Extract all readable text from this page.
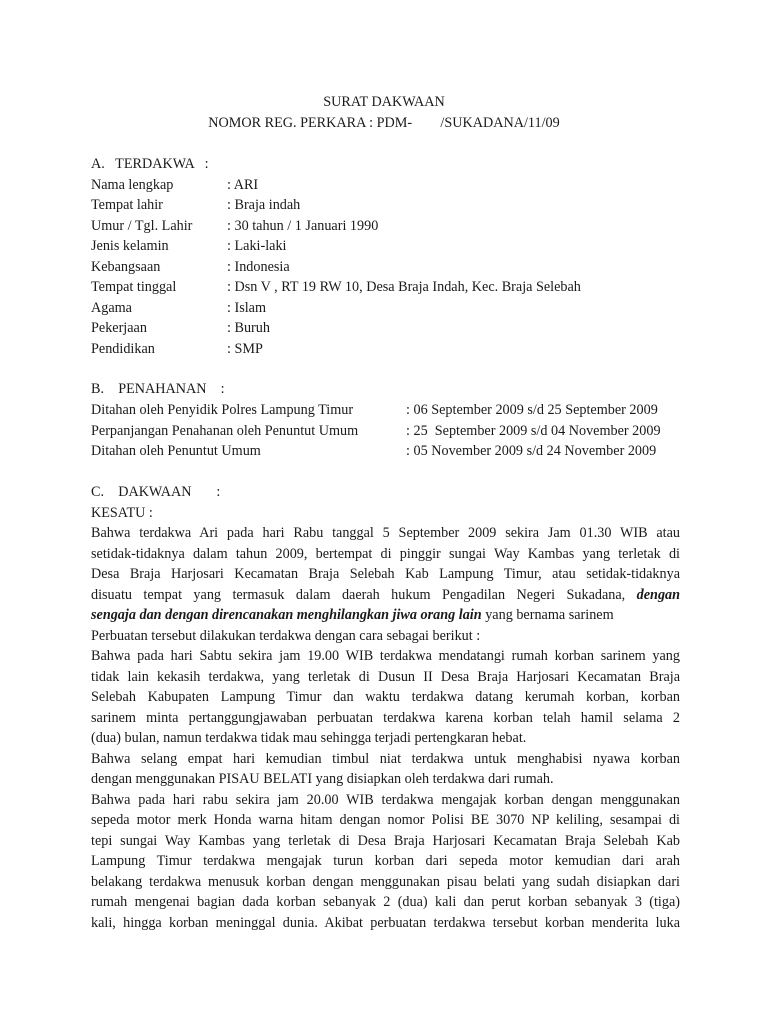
SURAT DAKWAAN
NOMOR REG. PERKARA : PDM-        /SUKADANA/11/09
A.   TERDAKWA   :
Nama lengkap	: ARI
Tempat lahir	: Braja indah
Umur / Tgl. Lahir : 30 tahun / 1 Januari 1990
Jenis kelamin	: Laki-laki
Kebangsaan	: Indonesia
Tempat tinggal	: Dsn V , RT 19 RW 10, Desa Braja Indah, Kec. Braja Selebah
Agama	: Islam
Pekerjaan	: Buruh
Pendidikan	: SMP
B.    PENAHANAN    :
Ditahan oleh Penyidik Polres Lampung Timur	: 06 September 2009 s/d 25 September 2009
Perpanjangan Penahanan oleh Penuntut Umum	: 25  September 2009 s/d 04 November 2009
Ditahan oleh Penuntut Umum	: 05 November 2009 s/d 24 November 2009
C.    DAKWAAN       :
KESATU :
Bahwa terdakwa Ari pada hari Rabu tanggal 5 September 2009 sekira Jam 01.30 WIB atau
setidak-tidaknya dalam tahun 2009, bertempat di pinggir sungai Way Kambas yang terletak di
Desa Braja Harjosari Kecamatan Braja Selebah Kab Lampung Timur, atau setidak-tidaknya
disuatu tempat yang termasuk dalam daerah hukum Pengadilan Negeri Sukadana, dengan
sengaja dan dengan direncanakan menghilangkan jiwa orang lain yang bernama sarinem
Perbuatan tersebut dilakukan terdakwa dengan cara sebagai berikut :
Bahwa pada hari Sabtu sekira jam 19.00 WIB terdakwa mendatangi rumah korban sarinem yang
tidak lain kekasih terdakwa, yang terletak di Dusun II Desa Braja Harjosari Kecamatan Braja
Selebah Kabupaten Lampung Timur dan waktu terdakwa datang kerumah korban, korban
sarinem minta pertanggungjawaban perbuatan terdakwa karena korban telah hamil selama 2
(dua) bulan, namun terdakwa tidak mau sehingga terjadi pertengkaran hebat.
Bahwa selang empat hari kemudian timbul niat terdakwa untuk menghabisi nyawa korban
dengan menggunakan PISAU BELATI yang disiapkan oleh terdakwa dari rumah.
Bahwa pada hari rabu sekira jam 20.00 WIB terdakwa mengajak korban dengan menggunakan
sepeda motor merk Honda warna hitam dengan nomor Polisi BE 3070 NP keliling, sesampai di
tepi sungai Way Kambas yang terletak di Desa Braja Harjosari Kecamatan Braja Selebah Kab
Lampung Timur terdakwa mengajak turun korban dari sepeda motor kemudian dari arah
belakang terdakwa menusuk korban dengan menggunakan pisau belati yang sudah disiapkan dari
rumah mengenai bagian dada korban sebanyak 2 (dua) kali dan perut korban sebanyak 3 (tiga)
kali, hingga korban meninggal dunia. Akibat perbuatan terdakwa tersebut korban menderita luka
